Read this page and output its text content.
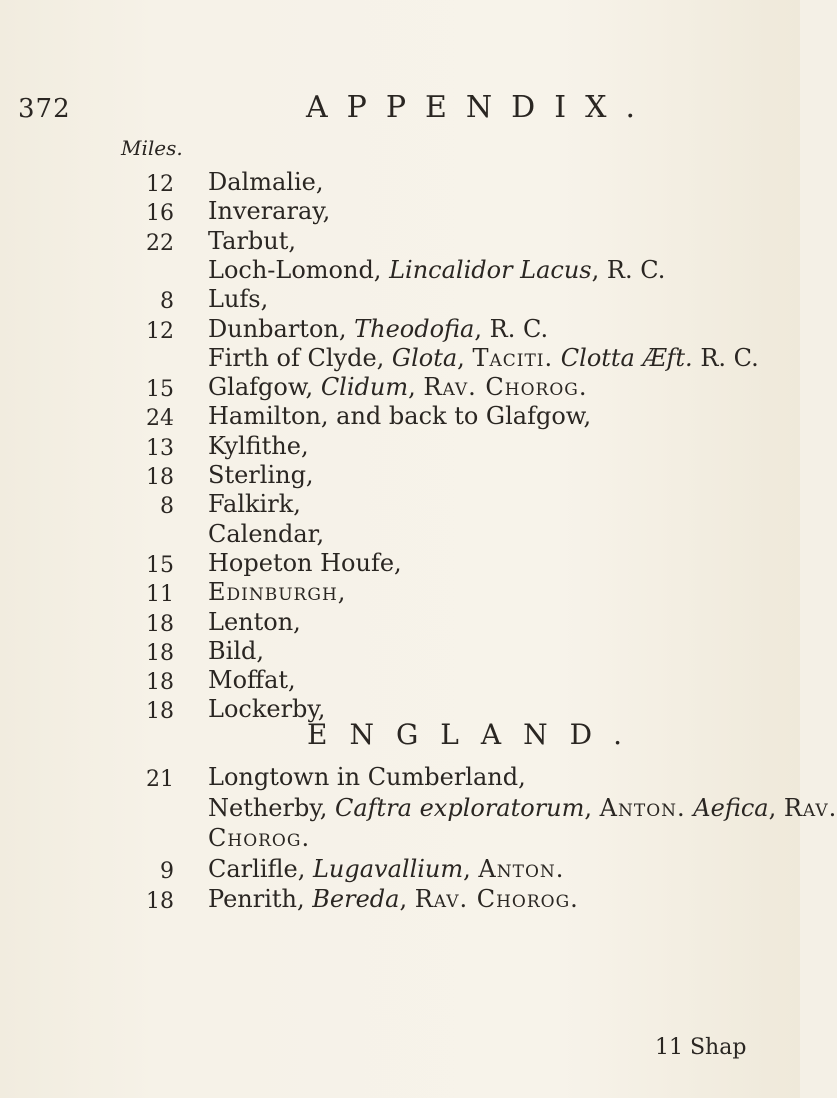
372	APPENDIX.
Miles.
12 Dalmalie,
16 Inveraray,
22 Tarbut,
Loch-Lomond, Lincalidor Lacus, R. C.
8 Lufs,
12 Dunbarton, Theodofia, R. C.
Firth of Clyde, Glota, Taciti. Clotta Æft. R. C.
15 Glafgow, Clidum, Rav. Chorog.
24 Hamilton, and back to Glafgow,
13 Kylfithe,
18 Sterling,
8 Falkirk,
Calendar,
15 Hopeton Houfe,
11 Edinburgh,
18 Lenton,
18 Bild,
18 Moffat,
18 Lockerby,
ENGLAND.
21 Longtown in Cumberland,
Netherby, Caftra exploratorum, Anton. Aefica, Rav.
Chorog.
9 Carlifle, Lugavallium, Anton.
18 Penrith, Bereda, Rav. Chorog.
11 Shap
